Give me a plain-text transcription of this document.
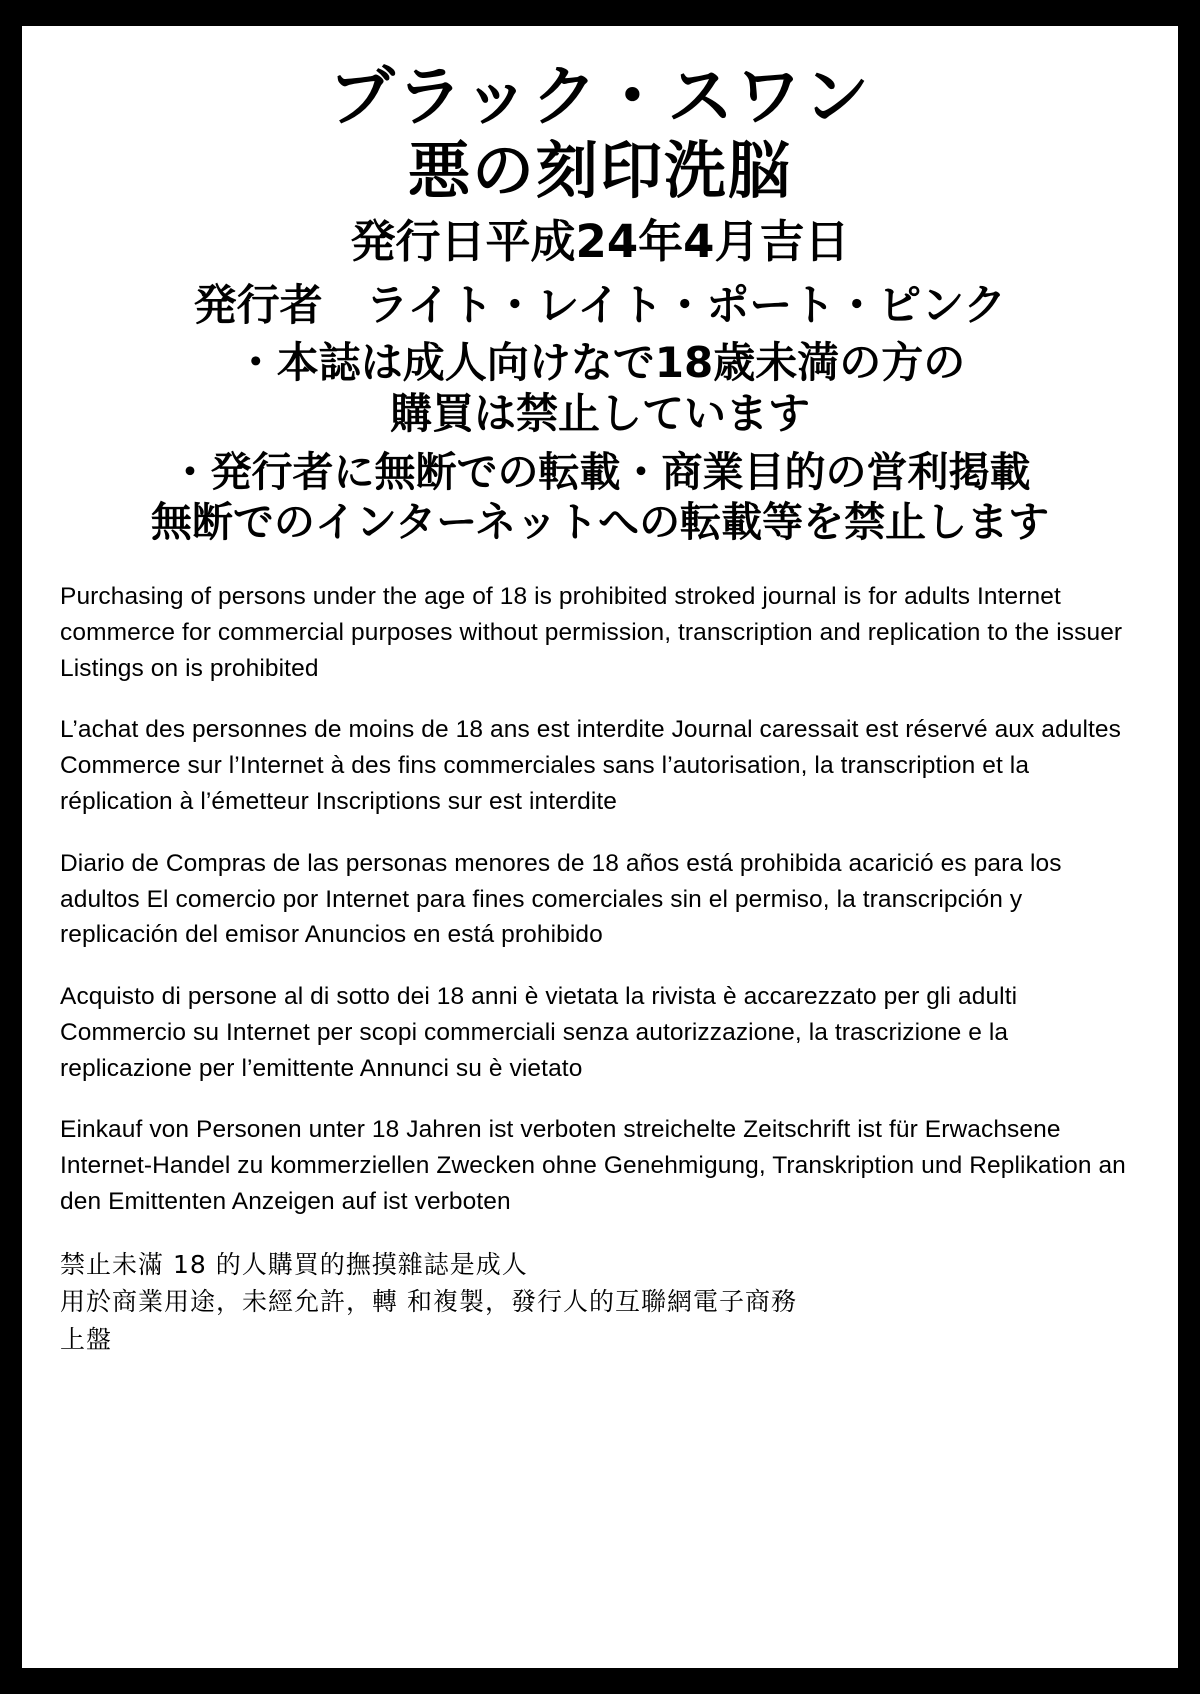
ブラック・スワン
悪の刻印洗脳
発行日平成24年4月吉日
発行者　ライト・レイト・ポート・ピンク
・本誌は成人向けなで18歳未満の方の
購買は禁止しています
・発行者に無断での転載・商業目的の営利掲載
無断でのインターネットへの転載等を禁止します

Purchasing of persons under the age of 18 is prohibited stroked journal is for adults Internet commerce for commercial purposes without permission, transcription and replication to the issuer Listings on is prohibited

L’achat des personnes de moins de 18 ans est interdite Journal caressait est réservé aux adultes Commerce sur l’Internet à des fins commerciales sans l’autorisation, la transcription et la réplication à l’émetteur Inscriptions sur est interdite

Diario de Compras de las personas menores de 18 años está prohibida acarició es para los adultos El comercio por Internet para fines comerciales sin el permiso, la transcripción y replicación del emisor Anuncios en está prohibido

Acquisto di persone al di sotto dei 18 anni è vietata la rivista è accarezzato per gli adulti Commercio su Internet per scopi commerciali senza autorizzazione, la trascrizione e la replicazione per l’emittente Annunci su è vietato

Einkauf von Personen unter 18 Jahren ist verboten streichelte Zeitschrift ist für Erwachsene Internet-Handel zu kommerziellen Zwecken ohne Genehmigung, Transkription und Replikation an den Emittenten Anzeigen auf ist verboten

禁止未滿 18 的人購買的撫摸雜誌是成人
用於商業用途，未經允許，轉 和複製，發行人的互聯網電子商務
上盤
